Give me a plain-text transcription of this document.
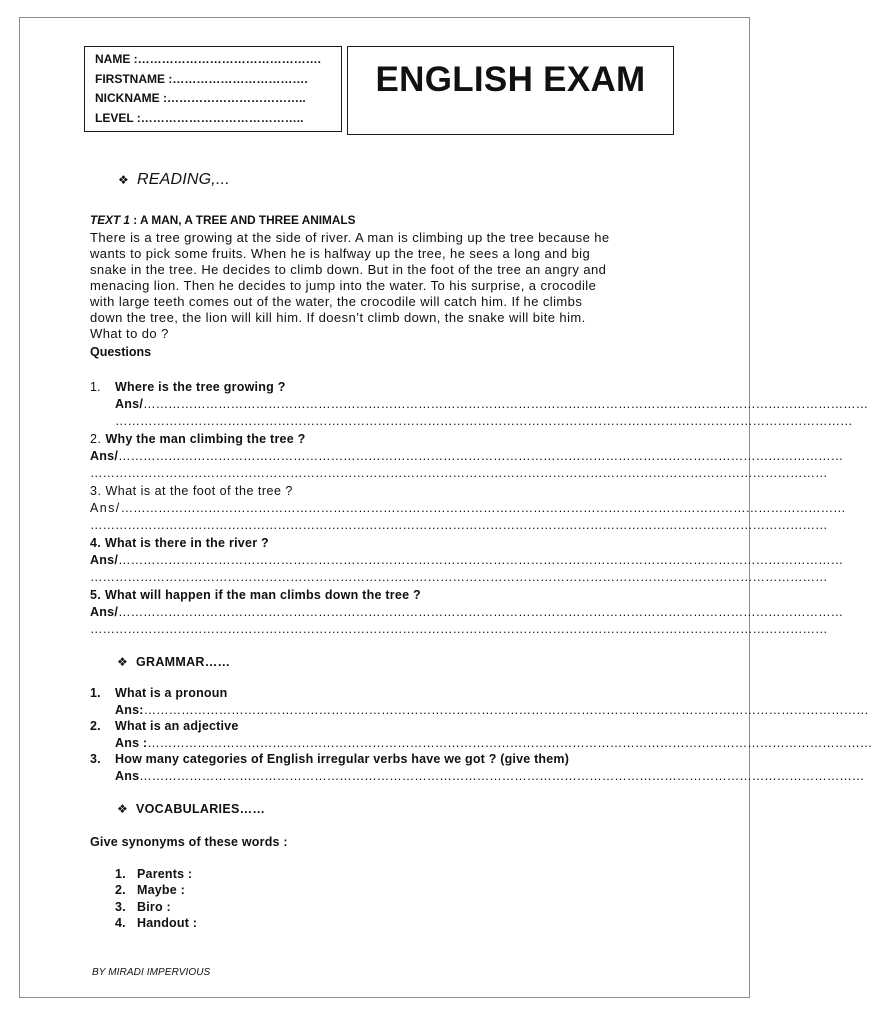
NAME :……………………………………….
FIRSTNAME :…………………………….
NICKNAME :……………………………..
LEVEL :…………………………………..
ENGLISH EXAM
❖READING,...
TEXT 1 : A MAN, A TREE AND THREE ANIMALS
There is a tree growing at the side of river. A man is climbing up the tree because he
wants to pick some fruits. When he is halfway up the tree, he sees a long and big
snake in the tree. He decides to climb down. But in the foot of the tree an angry and
menacing lion. Then he decides to jump into the water. To his surprise, a crocodile
with large teeth comes out of the water, the crocodile will catch him. If he climbs
down the tree, the lion will kill him. If doesn’t climb down, the snake will bite him.
What to do ?
Questions
1. Where is the tree growing ?
Ans/…………………………………………………………………………………………………………………………………………………………
……………………………………………………………………………………………………………………………………………………………
2. Why the man climbing the tree ?
Ans/…………………………………………………………………………………………………………………………………………………………
……………………………………………………………………………………………………………………………………………………………
3. What is at the foot of the tree ?
Ans/…………………………………………………………………………………………………………………………………………………………
……………………………………………………………………………………………………………………………………………………………
4. What is there in the river ?
Ans/…………………………………………………………………………………………………………………………………………………………
……………………………………………………………………………………………………………………………………………………………
5. What will happen if the man climbs down the tree ?
Ans/…………………………………………………………………………………………………………………………………………………………
……………………………………………………………………………………………………………………………………………………………
❖GRAMMAR……
1. What is a pronoun
Ans:…………………………………………………………………………………………………………………………………………………………
2. What is an adjective
Ans :…………………………………………………………………………………………………………………………………………………………
3. How many categories of English irregular verbs have we got ? (give them)
Ans…………………………………………………………………………………………………………………………………………………………
❖VOCABULARIES……
Give synonyms of these words :
1. Parents :
2. Maybe :
3. Biro :
4. Handout :
BY MIRADI IMPERVIOUS
